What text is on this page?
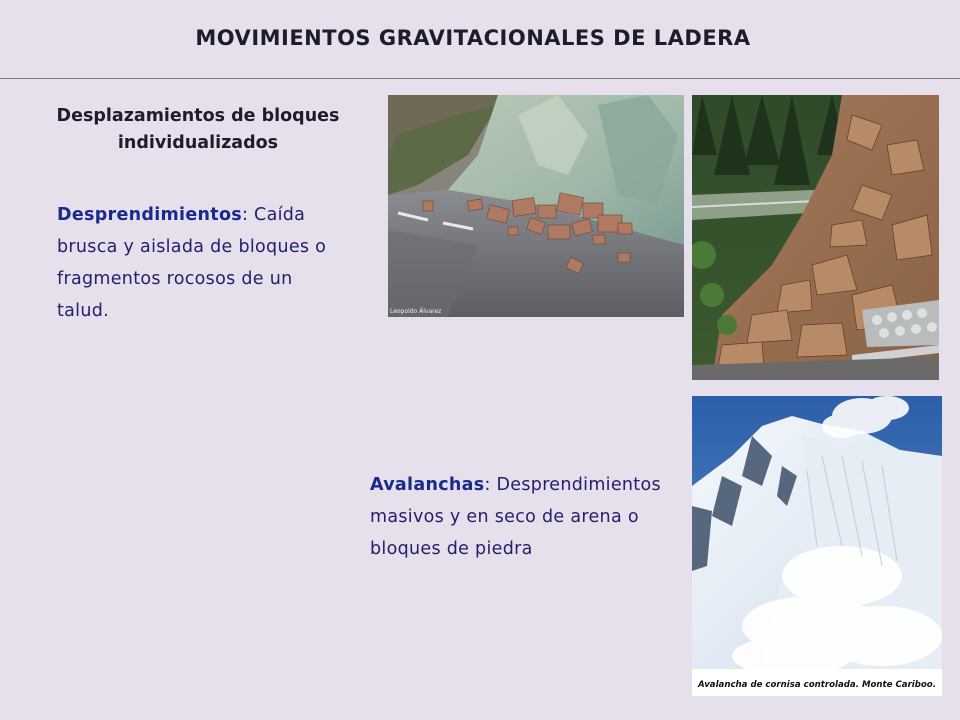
MOVIMIENTOS GRAVITACIONALES DE LADERA
Desplazamientos de bloques individualizados
Desprendimientos: Caída brusca y aislada de bloques o fragmentos rocosos de un talud.
Avalanchas: Desprendimientos masivos y en seco de arena o bloques de piedra
Leopoldo Álvarez
Avalancha de cornisa controlada. Monte Cariboo.
